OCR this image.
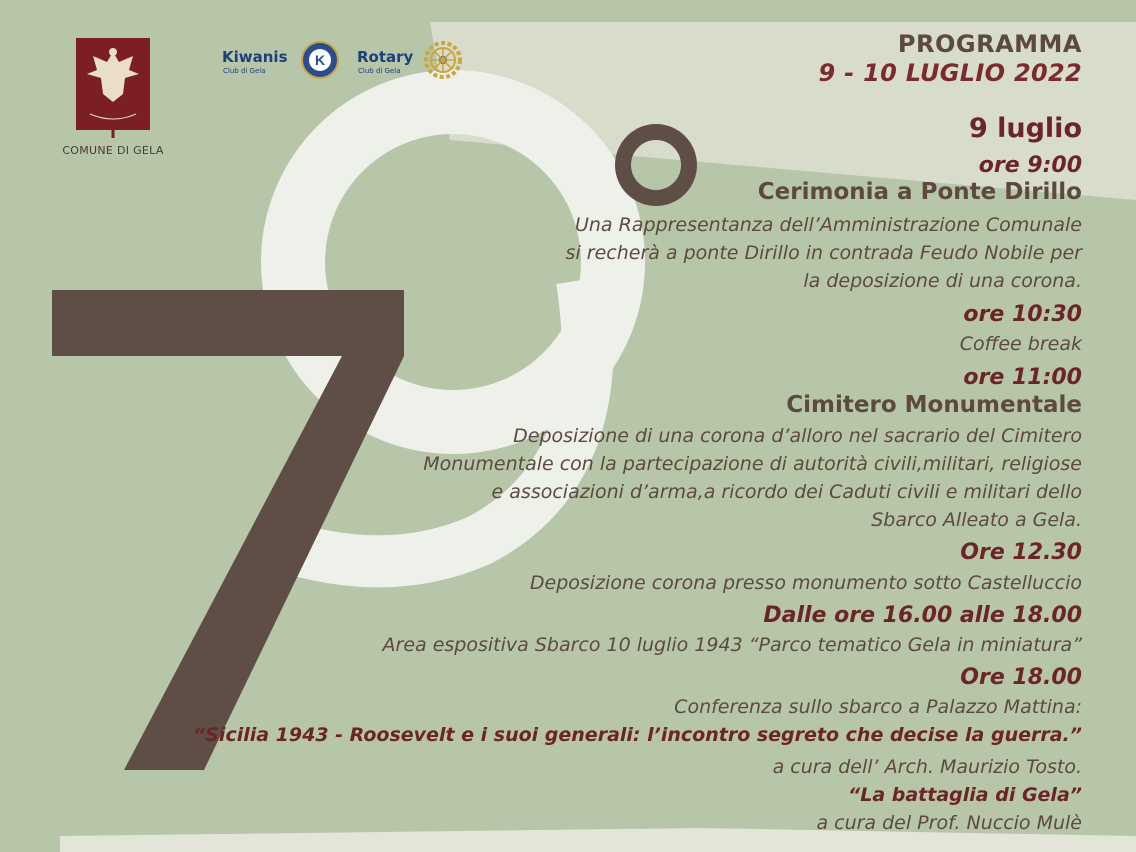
COMUNE DI GELA
Kiwanis
Club di Gela
K Rotary
Club di Gela
PROGRAMMA
9 - 10 LUGLIO 2022
9 luglio
ore 9:00
Cerimonia a Ponte Dirillo
Una Rappresentanza dell’Amministrazione Comunale
si recherà a ponte Dirillo in contrada Feudo Nobile per
la deposizione di una corona.
ore 10:30
Coffee break
ore 11:00
Cimitero Monumentale
Deposizione di una corona d’alloro nel sacrario del Cimitero
Monumentale con la partecipazione di autorità civili,militari, religiose
e associazioni d’arma,a ricordo dei Caduti civili e militari dello
Sbarco Alleato a Gela.
Ore 12.30
Deposizione corona presso monumento sotto Castelluccio
Dalle ore 16.00 alle 18.00
Area espositiva Sbarco 10 luglio 1943 “Parco tematico Gela in miniatura”
Ore 18.00
Conferenza sullo sbarco a Palazzo Mattina:
“Sicilia 1943 - Roosevelt e i suoi generali: l’incontro segreto che decise la guerra.”
a cura dell’ Arch. Maurizio Tosto.
“La battaglia di Gela”
a cura del Prof. Nuccio Mulè
